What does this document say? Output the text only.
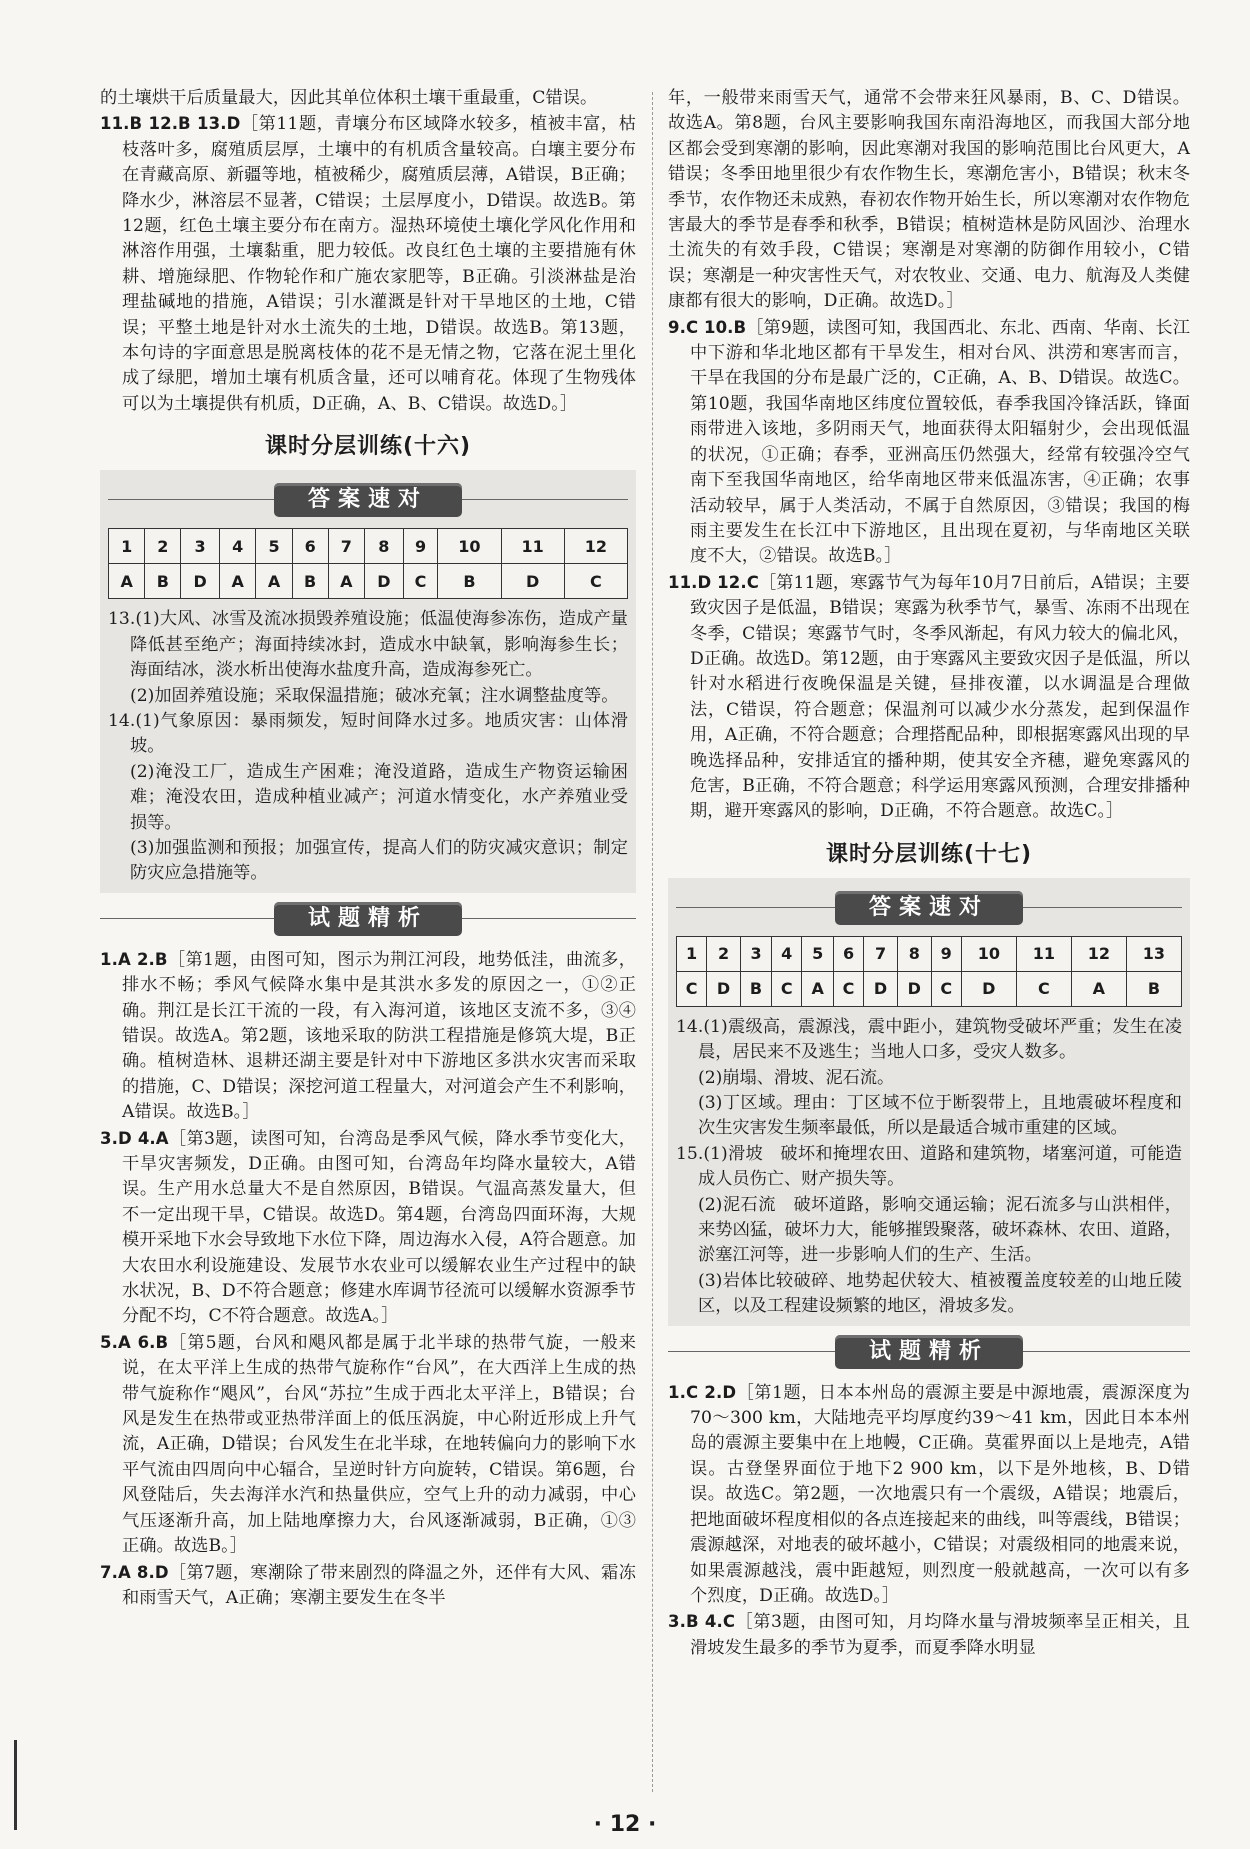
的土壤烘干后质量最大，因此其单位体积土壤干重最重，C错误。

11.B 12.B 13.D［第11题，青壤分布区域降水较多，植被丰富，枯枝落叶多，腐殖质层厚，土壤中的有机质含量较高。白壤主要分布在青藏高原、新疆等地，植被稀少，腐殖质层薄，A错误，B正确；降水少，淋溶层不显著，C错误；土层厚度小，D错误。故选B。第12题，红色土壤主要分布在南方。湿热环境使土壤化学风化作用和淋溶作用强，土壤黏重，肥力较低。改良红色土壤的主要措施有休耕、增施绿肥、作物轮作和广施农家肥等，B正确。引淡淋盐是治理盐碱地的措施，A错误；引水灌溉是针对干旱地区的土地，C错误；平整土地是针对水土流失的土地，D错误。故选B。第13题，本句诗的字面意思是脱离枝体的花不是无情之物，它落在泥土里化成了绿肥，增加土壤有机质含量，还可以哺育花。体现了生物残体可以为土壤提供有机质，D正确，A、B、C错误。故选D。］

课时分层训练(十六)
答案速对
1	2	3	4	5	6	7	8	9	10	11	12
A	B	D	A	A	B	A	D	C	B	D	C

13.(1)大风、冰雪及流冰损毁养殖设施；低温使海参冻伤，造成产量降低甚至绝产；海面持续冰封，造成水中缺氧，影响海参生长；海面结冰，淡水析出使海水盐度升高，造成海参死亡。

(2)加固养殖设施；采取保温措施；破冰充氧；注水调整盐度等。

14.(1)气象原因：暴雨频发，短时间降水过多。地质灾害：山体滑坡。

(2)淹没工厂，造成生产困难；淹没道路，造成生产物资运输困难；淹没农田，造成种植业减产；河道水情变化，水产养殖业受损等。

(3)加强监测和预报；加强宣传，提高人们的防灾减灾意识；制定防灾应急措施等。

试题精析

1.A 2.B［第1题，由图可知，图示为荆江河段，地势低洼，曲流多，排水不畅；季风气候降水集中是其洪水多发的原因之一，①②正确。荆江是长江干流的一段，有入海河道，该地区支流不多，③④错误。故选A。第2题，该地采取的防洪工程措施是修筑大堤，B正确。植树造林、退耕还湖主要是针对中下游地区多洪水灾害而采取的措施，C、D错误；深挖河道工程量大，对河道会产生不利影响，A错误。故选B。］

3.D 4.A［第3题，读图可知，台湾岛是季风气候，降水季节变化大，干旱灾害频发，D正确。由图可知，台湾岛年均降水量较大，A错误。生产用水总量大不是自然原因，B错误。气温高蒸发量大，但不一定出现干旱，C错误。故选D。第4题，台湾岛四面环海，大规模开采地下水会导致地下水位下降，周边海水入侵，A符合题意。加大农田水利设施建设、发展节水农业可以缓解农业生产过程中的缺水状况，B、D不符合题意；修建水库调节径流可以缓解水资源季节分配不均，C不符合题意。故选A。］

5.A 6.B［第5题，台风和飓风都是属于北半球的热带气旋，一般来说，在太平洋上生成的热带气旋称作“台风”，在大西洋上生成的热带气旋称作“飓风”，台风“苏拉”生成于西北太平洋上，B错误；台风是发生在热带或亚热带洋面上的低压涡旋，中心附近形成上升气流，A正确，D错误；台风发生在北半球，在地转偏向力的影响下水平气流由四周向中心辐合，呈逆时针方向旋转，C错误。第6题，台风登陆后，失去海洋水汽和热量供应，空气上升的动力减弱，中心气压逐渐升高，加上陆地摩擦力大，台风逐渐减弱，B正确，①③正确。故选B。］

7.A 8.D［第7题，寒潮除了带来剧烈的降温之外，还伴有大风、霜冻和雨雪天气，A正确；寒潮主要发生在冬半

年，一般带来雨雪天气，通常不会带来狂风暴雨，B、C、D错误。故选A。第8题，台风主要影响我国东南沿海地区，而我国大部分地区都会受到寒潮的影响，因此寒潮对我国的影响范围比台风更大，A错误；冬季田地里很少有农作物生长，寒潮危害小，B错误；秋末冬季节，农作物还未成熟，春初农作物开始生长，所以寒潮对农作物危害最大的季节是春季和秋季，B错误；植树造林是防风固沙、治理水土流失的有效手段，C错误；寒潮是对寒潮的防御作用较小，C错误；寒潮是一种灾害性天气，对农牧业、交通、电力、航海及人类健康都有很大的影响，D正确。故选D。］

9.C 10.B［第9题，读图可知，我国西北、东北、西南、华南、长江中下游和华北地区都有干旱发生，相对台风、洪涝和寒害而言，干旱在我国的分布是最广泛的，C正确，A、B、D错误。故选C。第10题，我国华南地区纬度位置较低，春季我国冷锋活跃，锋面雨带进入该地，多阴雨天气，地面获得太阳辐射少，会出现低温的状况，①正确；春季，亚洲高压仍然强大，经常有较强冷空气南下至我国华南地区，给华南地区带来低温冻害，④正确；农事活动较早，属于人类活动，不属于自然原因，③错误；我国的梅雨主要发生在长江中下游地区，且出现在夏初，与华南地区关联度不大，②错误。故选B。］

11.D 12.C［第11题，寒露节气为每年10月7日前后，A错误；主要致灾因子是低温，B错误；寒露为秋季节气，暴雪、冻雨不出现在冬季，C错误；寒露节气时，冬季风渐起，有风力较大的偏北风，D正确。故选D。第12题，由于寒露风主要致灾因子是低温，所以针对水稻进行夜晚保温是关键，昼排夜灌，以水调温是合理做法，C错误，符合题意；保温剂可以减少水分蒸发，起到保温作用，A正确，不符合题意；合理搭配品种，即根据寒露风出现的早晚选择品种，安排适宜的播种期，使其安全齐穗，避免寒露风的危害，B正确，不符合题意；科学运用寒露风预测，合理安排播种期，避开寒露风的影响，D正确，不符合题意。故选C。］

课时分层训练(十七)
答案速对
1	2	3	4	5	6	7	8	9	10	11	12	13
C	D	B	C	A	C	D	D	C	D	C	A	B

14.(1)震级高，震源浅，震中距小，建筑物受破坏严重；发生在凌晨，居民来不及逃生；当地人口多，受灾人数多。

(2)崩塌、滑坡、泥石流。

(3)丁区域。理由：丁区域不位于断裂带上，且地震破坏程度和次生灾害发生频率最低，所以是最适合城市重建的区域。

15.(1)滑坡　破坏和掩埋农田、道路和建筑物，堵塞河道，可能造成人员伤亡、财产损失等。

(2)泥石流　破坏道路，影响交通运输；泥石流多与山洪相伴，来势凶猛，破坏力大，能够摧毁聚落，破坏森林、农田、道路，淤塞江河等，进一步影响人们的生产、生活。

(3)岩体比较破碎、地势起伏较大、植被覆盖度较差的山地丘陵区，以及工程建设频繁的地区，滑坡多发。

试题精析

1.C 2.D［第1题，日本本州岛的震源主要是中源地震，震源深度为70～300 km，大陆地壳平均厚度约39～41 km，因此日本本州岛的震源主要集中在上地幔，C正确。莫霍界面以上是地壳，A错误。古登堡界面位于地下2 900 km，以下是外地核，B、D错误。故选C。第2题，一次地震只有一个震级，A错误；地震后，把地面破坏程度相似的各点连接起来的曲线，叫等震线，B错误；震源越深，对地表的破坏越小，C错误；对震级相同的地震来说，如果震源越浅，震中距越短，则烈度一般就越高，一次可以有多个烈度，D正确。故选D。］

3.B 4.C［第3题，由图可知，月均降水量与滑坡频率呈正相关，且滑坡发生最多的季节为夏季，而夏季降水明显

· 12 ·
